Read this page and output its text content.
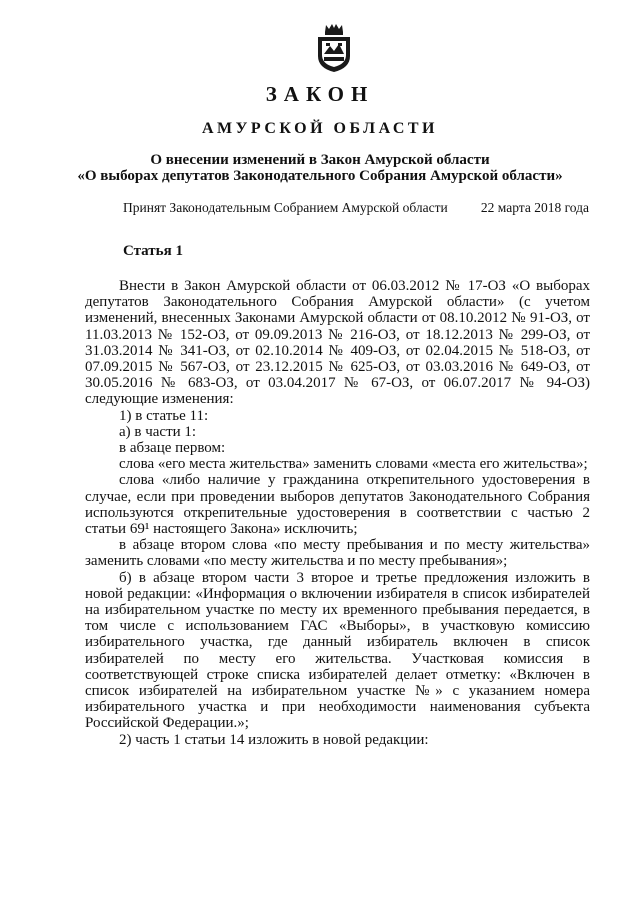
ЗАКОН
АМУРСКОЙ ОБЛАСТИ
О внесении изменений в Закон Амурской области
«О выборах депутатов Законодательного Собрания Амурской области»
Принят Законодательным Собранием Амурской области 22 марта 2018 года
Статья 1

Внести в Закон Амурской области от 06.03.2012 № 17-ОЗ «О выборах депутатов Законодательного Собрания Амурской области» (с учетом изменений, внесенных Законами Амурской области от 08.10.2012 № 91-ОЗ, от 11.03.2013 № 152-ОЗ, от 09.09.2013 № 216-ОЗ, от 18.12.2013 № 299-ОЗ, от 31.03.2014 № 341-ОЗ, от 02.10.2014 № 409-ОЗ, от 02.04.2015 № 518-ОЗ, от 07.09.2015 № 567-ОЗ, от 23.12.2015 № 625-ОЗ, от 03.03.2016 № 649-ОЗ, от 30.05.2016 № 683-ОЗ, от 03.04.2017 № 67-ОЗ, от 06.07.2017 № 94-ОЗ) следующие изменения:

1) в статье 11:

а) в части 1:

в абзаце первом:

слова «его места жительства» заменить словами «места его жительства»;

слова «либо наличие у гражданина открепительного удостоверения в случае, если при проведении выборов депутатов Законодательного Собрания используются открепительные удостоверения в соответствии с частью 2 статьи 69¹ настоящего Закона» исключить;

в абзаце втором слова «по месту пребывания и по месту жительства» заменить словами «по месту жительства и по месту пребывания»;

б) в абзаце втором части 3 второе и третье предложения изложить в новой редакции: «Информация о включении избирателя в список избирателей на избирательном участке по месту их временного пребывания передается, в том числе с использованием ГАС «Выборы», в участковую комиссию избирательного участка, где данный избиратель включен в список избирателей по месту его жительства. Участковая комиссия в соответствующей строке списка избирателей делает отметку: «Включен в список избирателей на избирательном участке №» с указанием номера избирательного участка и при необходимости наименования субъекта Российской Федерации.»;

2) часть 1 статьи 14 изложить в новой редакции:
